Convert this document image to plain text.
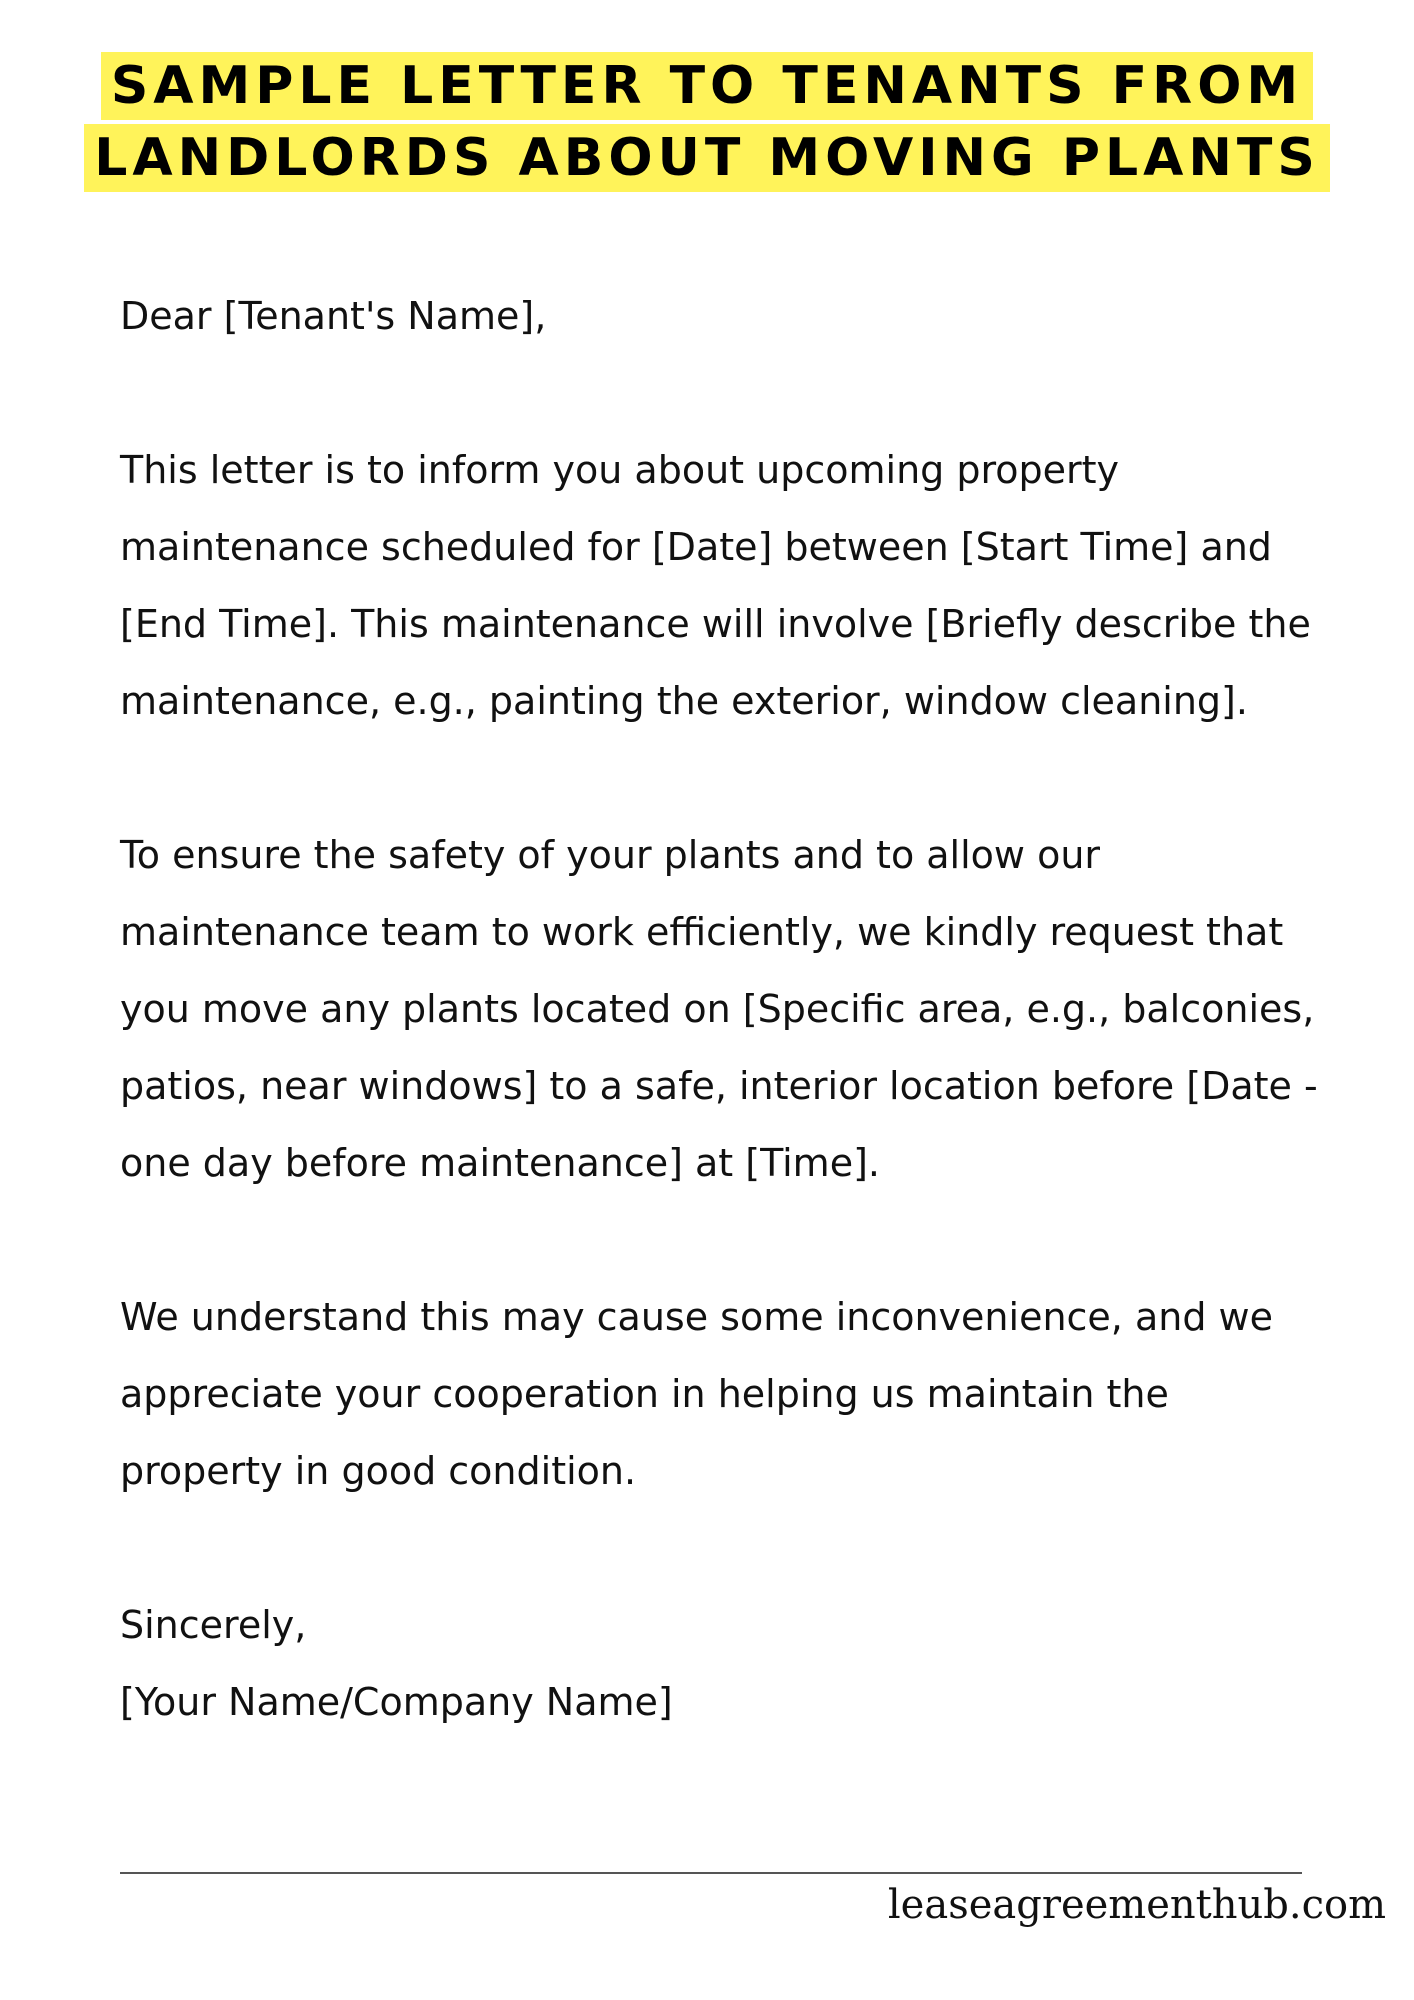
SAMPLE LETTER TO TENANTS FROM
LANDLORDS ABOUT MOVING PLANTS

Dear [Tenant's Name],

This letter is to inform you about upcoming property maintenance scheduled for [Date] between [Start Time] and [End Time]. This maintenance will involve [Briefly describe the maintenance, e.g., painting the exterior, window cleaning].

To ensure the safety of your plants and to allow our maintenance team to work efficiently, we kindly request that you move any plants located on [Specific area, e.g., balconies, patios, near windows] to a safe, interior location before [Date - one day before maintenance] at [Time].

We understand this may cause some inconvenience, and we appreciate your cooperation in helping us maintain the property in good condition.

Sincerely,

[Your Name/Company Name]

leaseagreementhub.com
